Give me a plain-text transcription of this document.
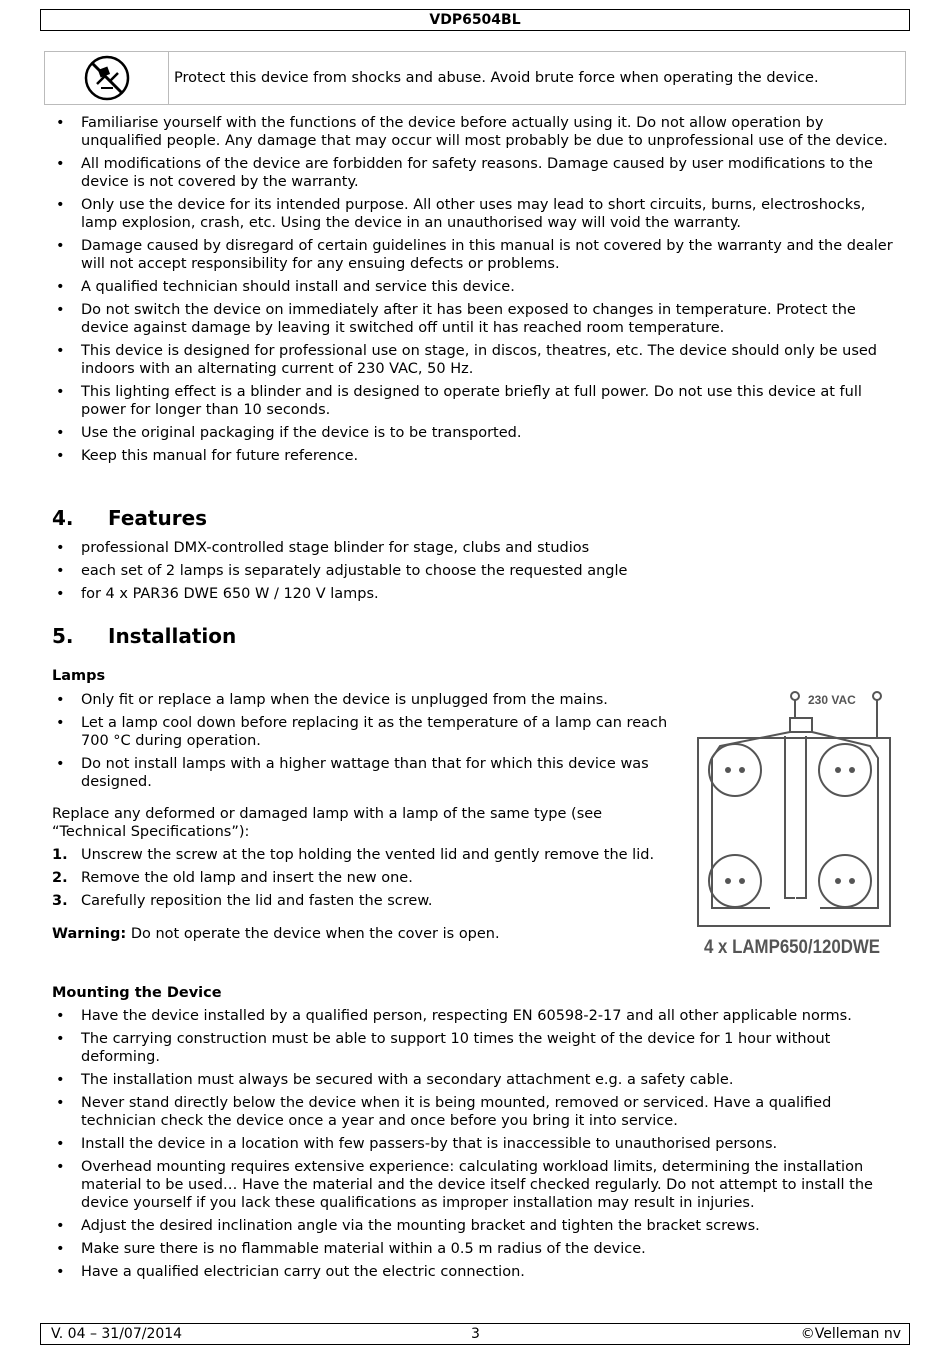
VDP6504BL
Protect this device from shocks and abuse. Avoid brute force when operating the device.
• Familiarise yourself with the functions of the device before actually using it. Do not allow operation by unqualified people. Any damage that may occur will most probably be due to unprofessional use of the device.
• All modifications of the device are forbidden for safety reasons. Damage caused by user modifications to the device is not covered by the warranty.
• Only use the device for its intended purpose. All other uses may lead to short circuits, burns, electroshocks, lamp explosion, crash, etc. Using the device in an unauthorised way will void the warranty.
• Damage caused by disregard of certain guidelines in this manual is not covered by the warranty and the dealer will not accept responsibility for any ensuing defects or problems.
• A qualified technician should install and service this device.
• Do not switch the device on immediately after it has been exposed to changes in temperature. Protect the device against damage by leaving it switched off until it has reached room temperature.
• This device is designed for professional use on stage, in discos, theatres, etc. The device should only be used indoors with an alternating current of 230 VAC, 50 Hz.
• This lighting effect is a blinder and is designed to operate briefly at full power. Do not use this device at full power for longer than 10 seconds.
• Use the original packaging if the device is to be transported.
• Keep this manual for future reference.
4. Features
• professional DMX-controlled stage blinder for stage, clubs and studios
• each set of 2 lamps is separately adjustable to choose the requested angle
• for 4 x PAR36 DWE 650 W / 120 V lamps.
5. Installation
Lamps
• Only fit or replace a lamp when the device is unplugged from the mains.
• Let a lamp cool down before replacing it as the temperature of a lamp can reach 700 °C during operation.
• Do not install lamps with a higher wattage than that for which this device was designed.
Replace any deformed or damaged lamp with a lamp of the same type (see “Technical Specifications”):
1. Unscrew the screw at the top holding the vented lid and gently remove the lid.
2. Remove the old lamp and insert the new one.
3. Carefully reposition the lid and fasten the screw.
Warning: Do not operate the device when the cover is open.
230 VAC
4 x LAMP650/120DWE
Mounting the Device
• Have the device installed by a qualified person, respecting EN 60598-2-17 and all other applicable norms.
• The carrying construction must be able to support 10 times the weight of the device for 1 hour without deforming.
• The installation must always be secured with a secondary attachment e.g. a safety cable.
• Never stand directly below the device when it is being mounted, removed or serviced. Have a qualified technician check the device once a year and once before you bring it into service.
• Install the device in a location with few passers-by that is inaccessible to unauthorised persons.
• Overhead mounting requires extensive experience: calculating workload limits, determining the installation material to be used… Have the material and the device itself checked regularly. Do not attempt to install the device yourself if you lack these qualifications as improper installation may result in injuries.
• Adjust the desired inclination angle via the mounting bracket and tighten the bracket screws.
• Make sure there is no flammable material within a 0.5 m radius of the device.
• Have a qualified electrician carry out the electric connection.
V. 04 – 31/07/2014	3	©Velleman nv
